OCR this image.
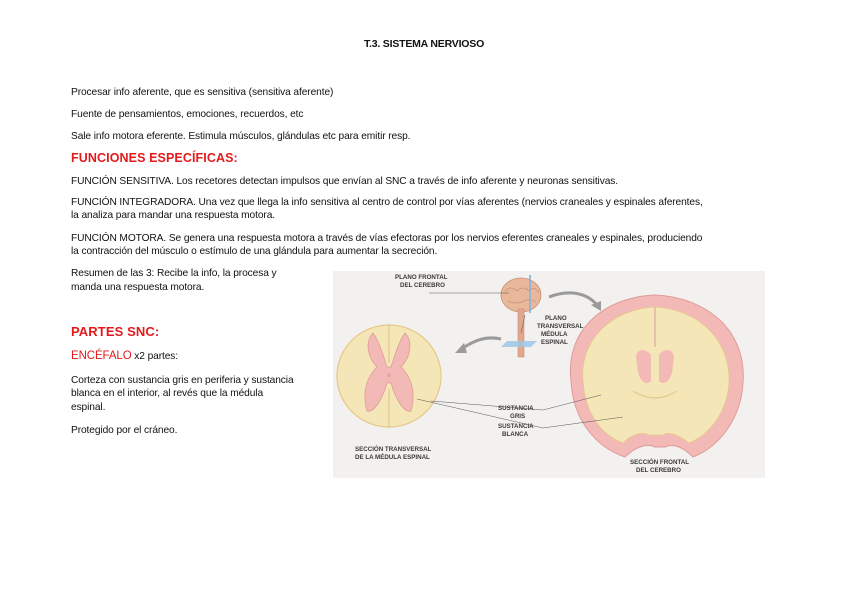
T.3. SISTEMA NERVIOSO
Procesar info aferente, que es sensitiva (sensitiva aferente)
Fuente de pensamientos, emociones, recuerdos, etc
Sale info motora eferente. Estimula músculos, glándulas etc para emitir resp.
FUNCIONES ESPECÍFICAS:
FUNCIÓN SENSITIVA. Los recetores detectan impulsos que envían al SNC a través de info aferente y neuronas sensitivas.
FUNCIÓN INTEGRADORA. Una vez que llega la info sensitiva al centro de control por vías aferentes (nervios craneales y espinales aferentes,
la analiza para mandar una respuesta motora.
FUNCIÓN MOTORA. Se genera una respuesta motora a través de vías efectoras por los nervios eferentes craneales y espinales, produciendo
la contracción del músculo o estímulo de una glándula para aumentar la secreción.
Resumen de las 3: Recibe la info, la procesa y
manda una respuesta motora.
PARTES SNC:
ENCÉFALO x2 partes:
Corteza con sustancia gris en periferia y sustancia
blanca en el interior, al revés que la médula
espinal.
Protegido por el cráneo.
PLANO FRONTAL
DEL CEREBRO
PLANO
TRANSVERSAL
MÉDULA
ESPINAL
SUSTANCIA
GRIS
SUSTANCIA
BLANCA
SECCIÓN TRANSVERSAL
DE LA MÉDULA ESPINAL
SECCIÓN FRONTAL
DEL CEREBRO
